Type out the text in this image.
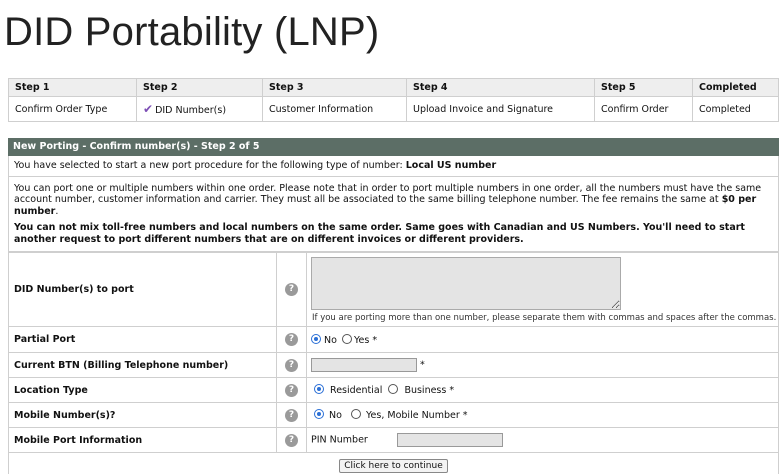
DID Portability (LNP)
Step 1	Step 2	Step 3	Step 4	Step 5	Completed
Confirm Order Type	✔ DID Number(s)	Customer Information	Upload Invoice and Signature	Confirm Order	Completed
New Porting - Confirm number(s) - Step 2 of 5
You have selected to start a new port procedure for the following type of number: Local US number
You can port one or multiple numbers within one order. Please note that in order to port multiple numbers in one order, all the numbers must have the same account number, customer information and carrier. They must all be associated to the same billing telephone number. The fee remains the same at $0 per number.
You can not mix toll-free numbers and local numbers on the same order. Same goes with Canadian and US Numbers. You'll need to start another request to port different numbers that are on different invoices or different providers.
DID Number(s) to port	?	If you are porting more than one number, please separate them with commas and spaces after the commas.

Partial Port	?	No Yes *
Current BTN (Billing Telephone number)	?	*
Location Type	?	Residential Business *
Mobile Number(s)?	?	No Yes, Mobile Number *
Mobile Port Information	?	PIN Number
Click here to continue
